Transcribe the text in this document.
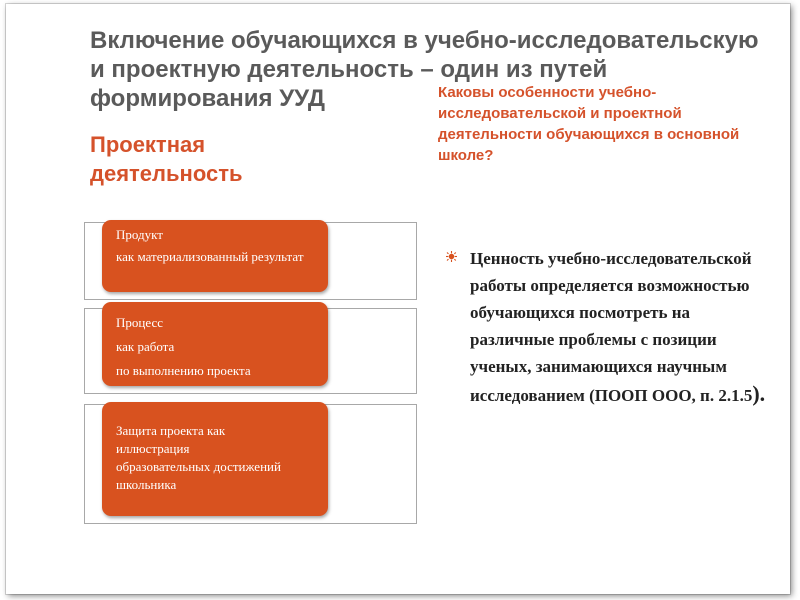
Включение обучающихся в учебно-исследовательскую и проектную деятельность – один из путей формирования УУД	Каковы особенности учебно-исследовательской и проектной деятельности обучающихся в основной школе?
Проектная деятельность
Продукт
как материализованный результат
Процесс
как работа
по выполнению проекта
Защита проекта как иллюстрация образовательных достижений школьника
Ценность учебно-исследовательской работы определяется возможностью обучающихся посмотреть на различные проблемы с позиции ученых, занимающихся научным исследованием (ПООП ООО, п. 2.1.5).
